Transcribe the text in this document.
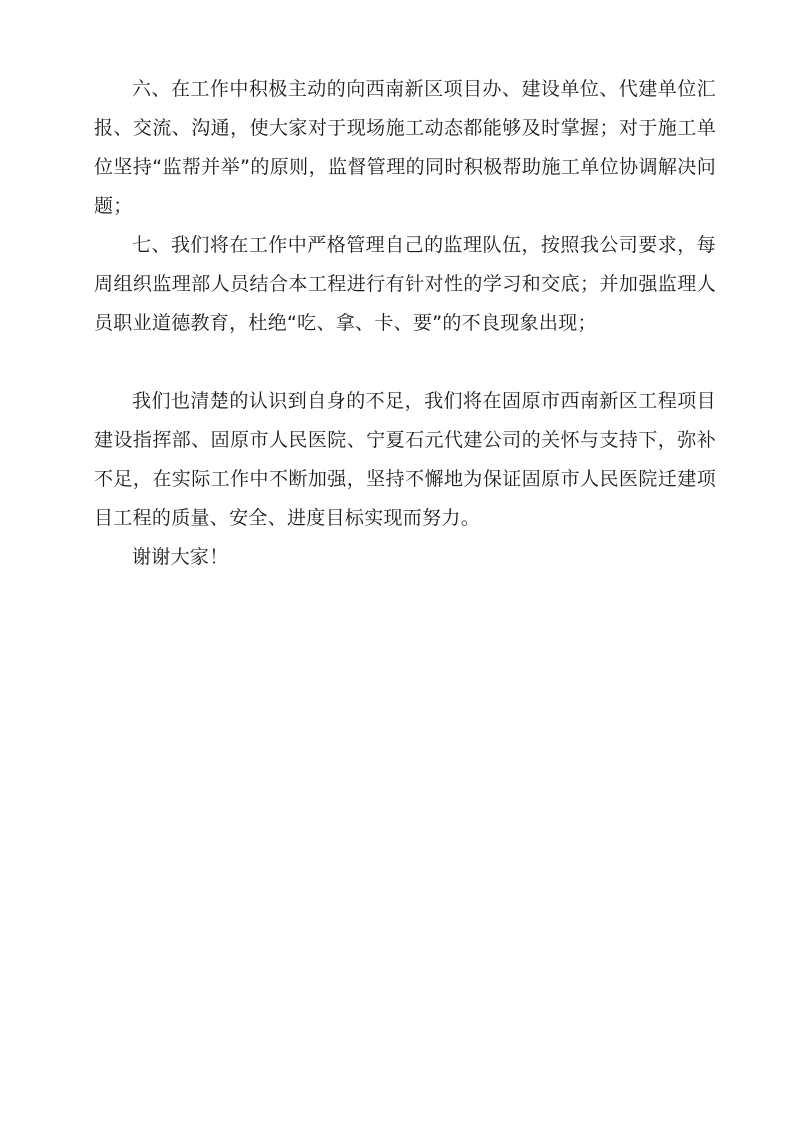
六、在工作中积极主动的向西南新区项目办、建设单位、代建单位汇报、交流、沟通，使大家对于现场施工动态都能够及时掌握；对于施工单位坚持“监帮并举”的原则，监督管理的同时积极帮助施工单位协调解决问题；

七、我们将在工作中严格管理自己的监理队伍，按照我公司要求，每周组织监理部人员结合本工程进行有针对性的学习和交底；并加强监理人员职业道德教育，杜绝“吃、拿、卡、要”的不良现象出现；

我们也清楚的认识到自身的不足，我们将在固原市西南新区工程项目建设指挥部、固原市人民医院、宁夏石元代建公司的关怀与支持下，弥补不足，在实际工作中不断加强，坚持不懈地为保证固原市人民医院迁建项目工程的质量、安全、进度目标实现而努力。

谢谢大家！
